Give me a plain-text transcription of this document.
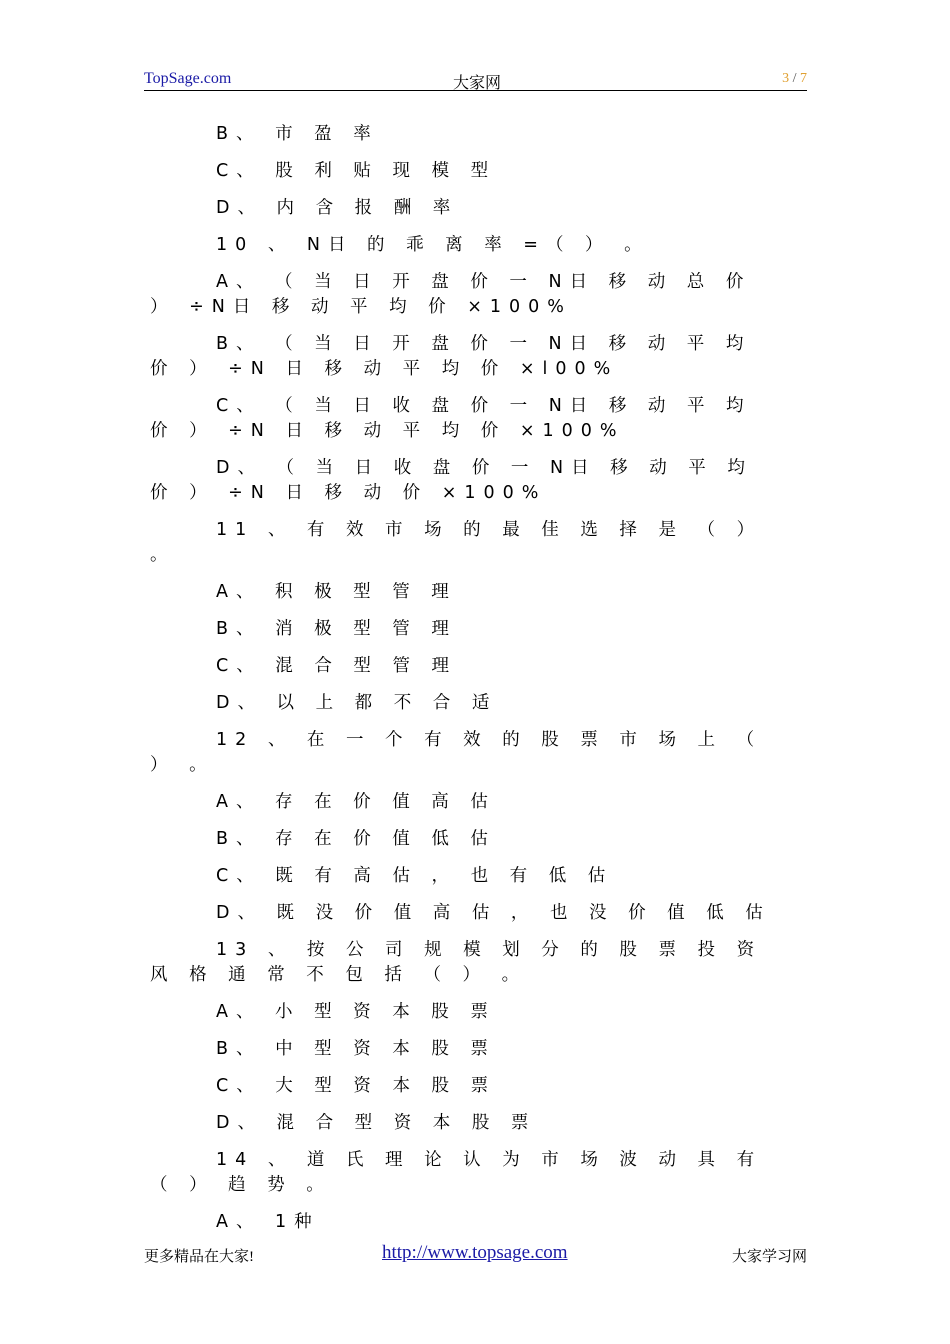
TopSage.com	大家网	3 / 7
B、 市 盈 率
C、 股 利 贴 现 模 型
D、 内 含 报 酬 率
10 、 N日 的 乖 离 率 =（ ） 。
A、 （ 当 日 开 盘 价 一 N日 移 动 总 价 ） ÷N日 移 动 平 均 价 ×100%
B、 （ 当 日 开 盘 价 一 N日 移 动 平 均 价 ） ÷N 日 移 动 平 均 价 ×l00%
C、 （ 当 日 收 盘 价 一 N日 移 动 平 均 价 ） ÷N 日 移 动 平 均 价 ×100%
D、 （ 当 日 收 盘 价 一 N日 移 动 平 均 价 ） ÷N 日 移 动 价 ×100%
11 、 有 效 市 场 的 最 佳 选 择 是 （ ） 。
A、 积 极 型 管 理
B、 消 极 型 管 理
C、 混 合 型 管 理
D、 以 上 都 不 合 适
12 、 在 一 个 有 效 的 股 票 市 场 上 （ ） 。
A、 存 在 价 值 高 估
B、 存 在 价 值 低 估
C、 既 有 高 估 ， 也 有 低 估
D、 既 没 价 值 高 估 ， 也 没 价 值 低 估
13 、 按 公 司 规 模 划 分 的 股 票 投 资 风 格 通 常 不 包 括 （ ） 。
A、 小 型 资 本 股 票
B、 中 型 资 本 股 票
C、 大 型 资 本 股 票
D、 混 合 型 资 本 股 票
14 、 道 氏 理 论 认 为 市 场 波 动 具 有 （ ） 趋 势 。
A、 1种
更多精品在大家!	http://www.topsage.com	大家学习网
